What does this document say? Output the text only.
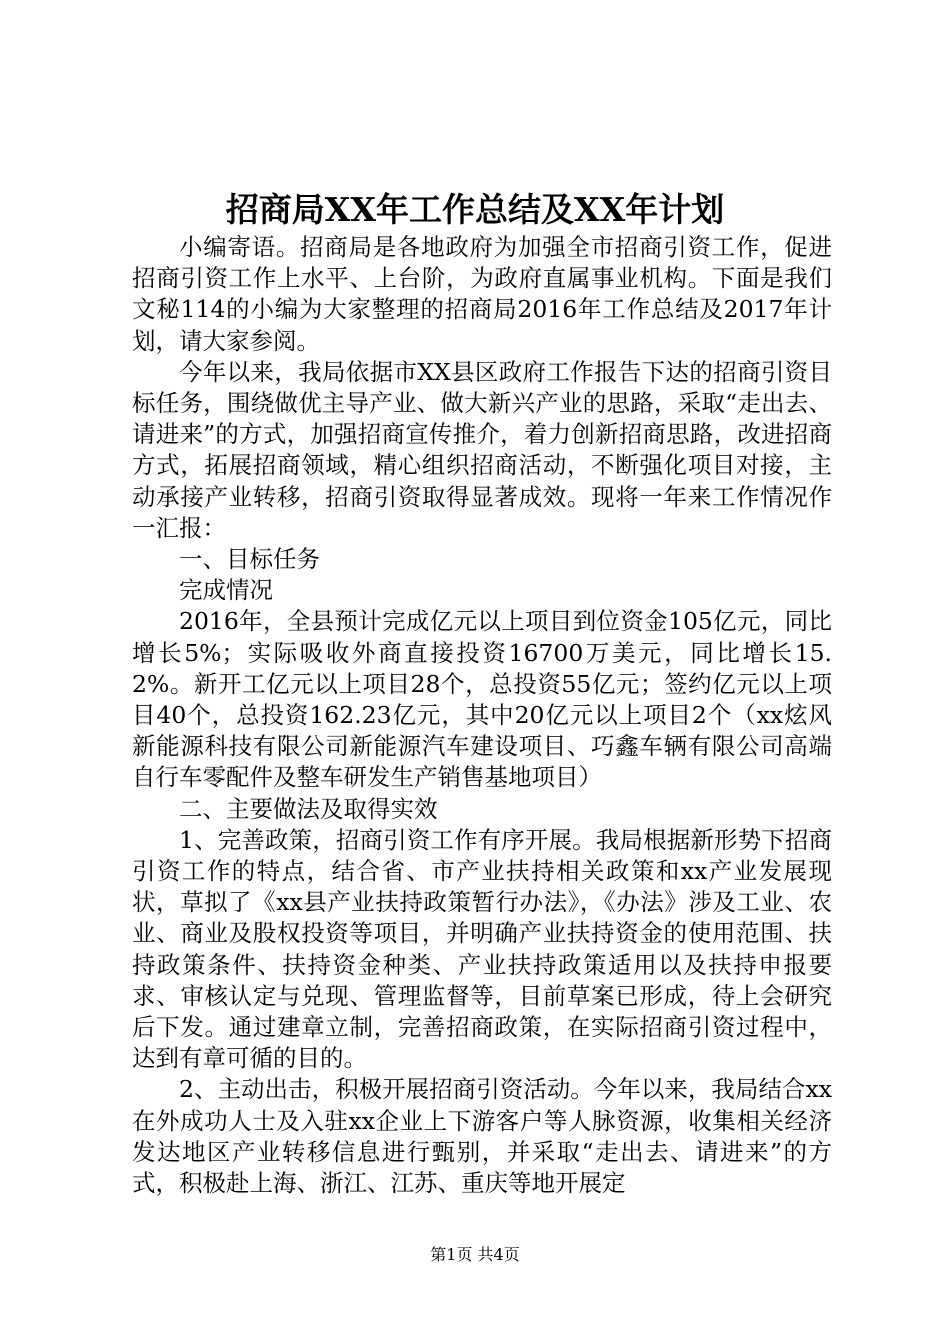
招商局XX年工作总结及XX年计划

小编寄语。招商局是各地政府为加强全市招商引资工作，促进招商引资工作上水平、上台阶，为政府直属事业机构。下面是我们文秘114的小编为大家整理的招商局2016年工作总结及2017年计划，请大家参阅。

今年以来，我局依据市XX县区政府工作报告下达的招商引资目标任务，围绕做优主导产业、做大新兴产业的思路，采取“走出去、请进来”的方式，加强招商宣传推介，着力创新招商思路，改进招商方式，拓展招商领域，精心组织招商活动，不断强化项目对接，主动承接产业转移，招商引资取得显著成效。现将一年来工作情况作一汇报：

一、目标任务

完成情况

2016年，全县预计完成亿元以上项目到位资金105亿元，同比增长5%；实际吸收外商直接投资16700万美元，同比增长15.2%。新开工亿元以上项目28个，总投资55亿元；签约亿元以上项目40个，总投资162.23亿元，其中20亿元以上项目2个（xx炫风新能源科技有限公司新能源汽车建设项目、巧鑫车辆有限公司高端自行车零配件及整车研发生产销售基地项目）

二、主要做法及取得实效

1、完善政策，招商引资工作有序开展。我局根据新形势下招商引资工作的特点，结合省、市产业扶持相关政策和xx产业发展现状，草拟了《xx县产业扶持政策暂行办法》，《办法》涉及工业、农业、商业及股权投资等项目，并明确产业扶持资金的使用范围、扶持政策条件、扶持资金种类、产业扶持政策适用以及扶持申报要求、审核认定与兑现、管理监督等，目前草案已形成，待上会研究后下发。通过建章立制，完善招商政策，在实际招商引资过程中，达到有章可循的目的。

2、主动出击，积极开展招商引资活动。今年以来，我局结合xx在外成功人士及入驻xx企业上下游客户等人脉资源，收集相关经济发达地区产业转移信息进行甄别，并采取“走出去、请进来”的方式，积极赴上海、浙江、江苏、重庆等地开展定

第1页 共4页
